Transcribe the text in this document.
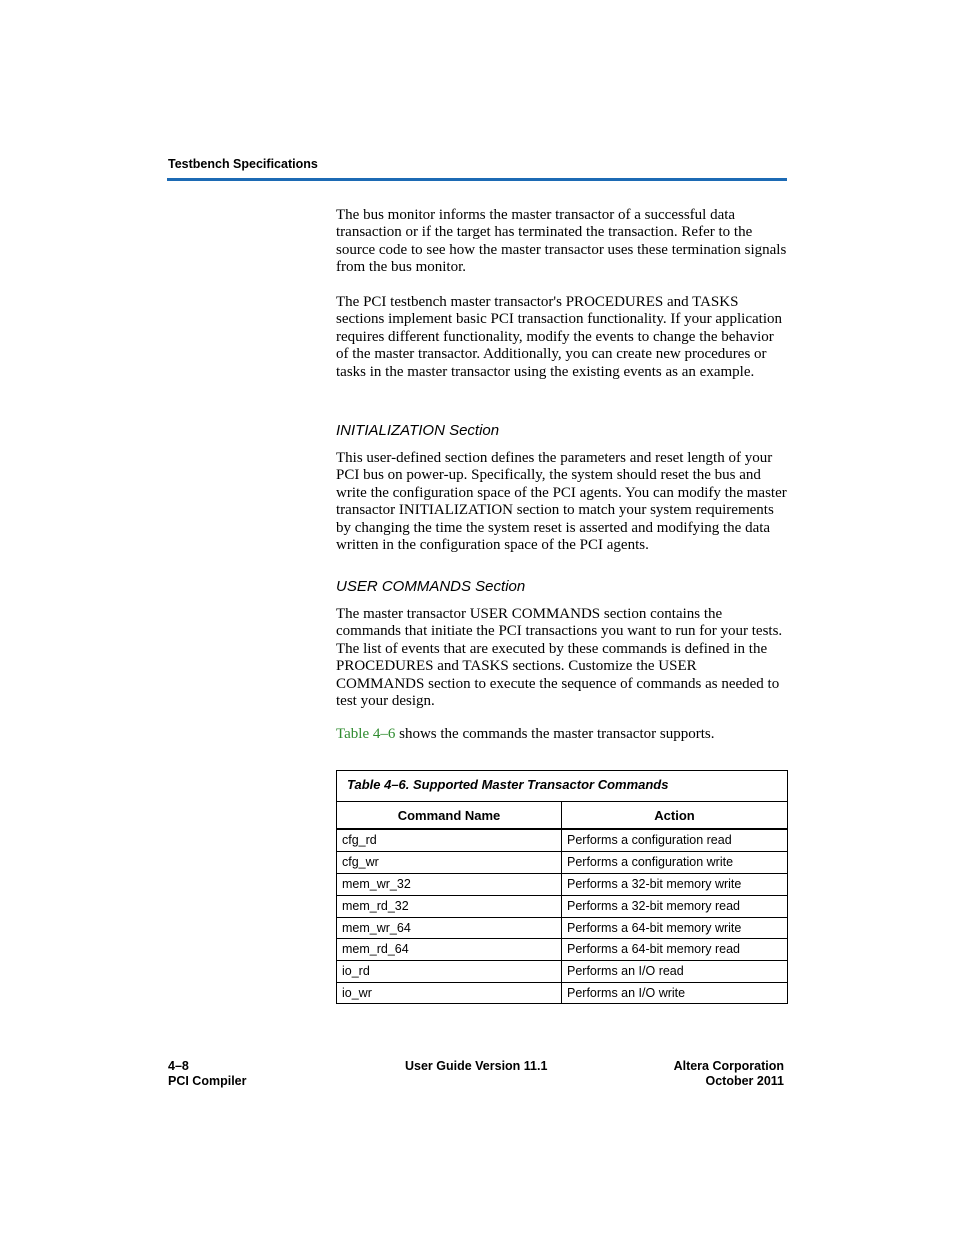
Testbench Specifications

The bus monitor informs the master transactor of a successful data transaction or if the target has terminated the transaction. Refer to the source code to see how the master transactor uses these termination signals from the bus monitor.

The PCI testbench master transactor's PROCEDURES and TASKS sections implement basic PCI transaction functionality. If your application requires different functionality, modify the events to change the behavior of the master transactor. Additionally, you can create new procedures or tasks in the master transactor using the existing events as an example.

INITIALIZATION Section

This user-defined section defines the parameters and reset length of your PCI bus on power-up. Specifically, the system should reset the bus and write the configuration space of the PCI agents. You can modify the master transactor INITIALIZATION section to match your system requirements by changing the time the system reset is asserted and modifying the data written in the configuration space of the PCI agents.

USER COMMANDS Section

The master transactor USER COMMANDS section contains the commands that initiate the PCI transactions you want to run for your tests. The list of events that are executed by these commands is defined in the PROCEDURES and TASKS sections. Customize the USER COMMANDS section to execute the sequence of commands as needed to test your design.

Table 4–6 shows the commands the master transactor supports.

Table 4–6. Supported Master Transactor Commands
Command Name	Action
cfg_rd	Performs a configuration read
cfg_wr	Performs a configuration write
mem_wr_32	Performs a 32-bit memory write
mem_rd_32	Performs a 32-bit memory read
mem_wr_64	Performs a 64-bit memory write
mem_rd_64	Performs a 64-bit memory read
io_rd	Performs an I/O read
io_wr	Performs an I/O write
4–8
PCI Compiler
User Guide Version 11.1	Altera Corporation
October 2011
